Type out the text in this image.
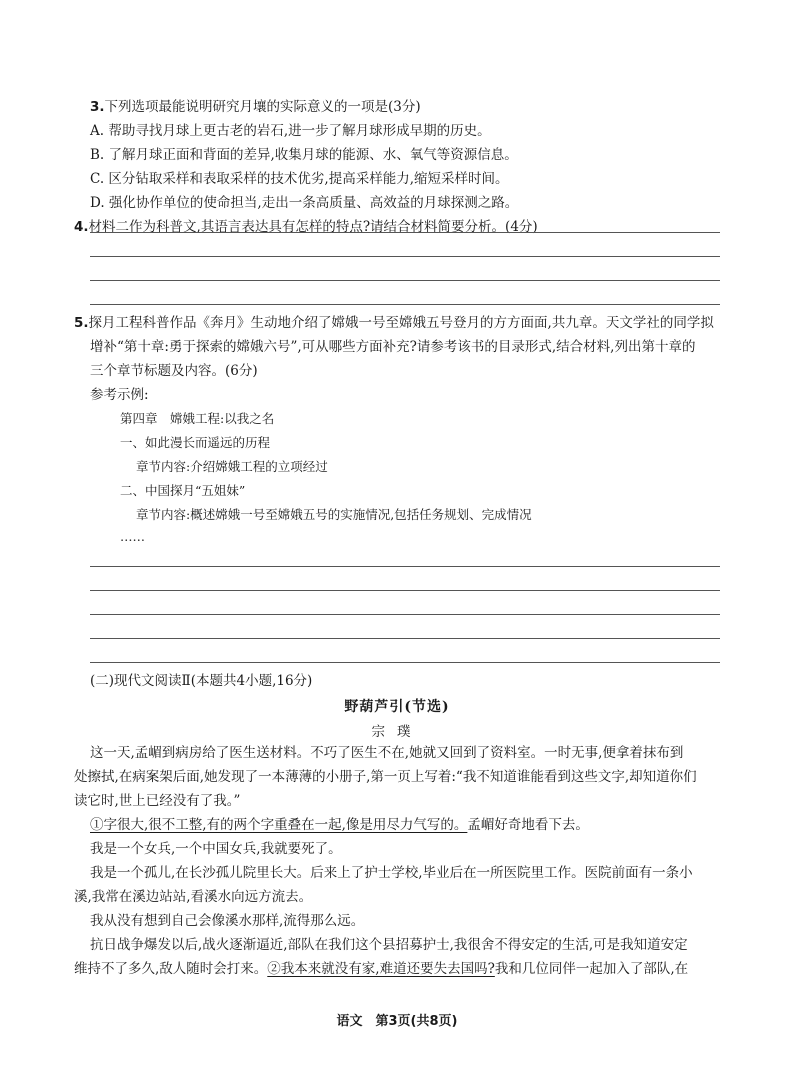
3.下列选项最能说明研究月壤的实际意义的一项是(3分)
A. 帮助寻找月球上更古老的岩石,进一步了解月球形成早期的历史。
B. 了解月球正面和背面的差异,收集月球的能源、水、氧气等资源信息。
C. 区分钻取采样和表取采样的技术优劣,提高采样能力,缩短采样时间。
D. 强化协作单位的使命担当,走出一条高质量、高效益的月球探测之路。
4.材料二作为科普文,其语言表达具有怎样的特点?请结合材料简要分析。(4分)
5.探月工程科普作品《奔月》生动地介绍了嫦娥一号至嫦娥五号登月的方方面面,共九章。天文学社的同学拟
增补“第十章:勇于探索的嫦娥六号”,可从哪些方面补充?请参考该书的目录形式,结合材料,列出第十章的
三个章节标题及内容。(6分)
参考示例:
第四章　嫦娥工程:以我之名
一、如此漫长而遥远的历程
章节内容:介绍嫦娥工程的立项经过
二、中国探月“五姐妹”
章节内容:概述嫦娥一号至嫦娥五号的实施情况,包括任务规划、完成情况
……
(二)现代文阅读Ⅱ(本题共4小题,16分)
野葫芦引(节选)
宗璞
这一天,孟嵋到病房给了医生送材料。不巧了医生不在,她就又回到了资料室。一时无事,便拿着抹布到
处擦拭,在病案架后面,她发现了一本薄薄的小册子,第一页上写着:“我不知道谁能看到这些文字,却知道你们
读它时,世上已经没有了我。”
①字很大,很不工整,有的两个字重叠在一起,像是用尽力气写的。孟嵋好奇地看下去。
我是一个女兵,一个中国女兵,我就要死了。
我是一个孤儿,在长沙孤儿院里长大。后来上了护士学校,毕业后在一所医院里工作。医院前面有一条小
溪,我常在溪边站站,看溪水向远方流去。
我从没有想到自己会像溪水那样,流得那么远。
抗日战争爆发以后,战火逐渐逼近,部队在我们这个县招募护士,我很舍不得安定的生活,可是我知道安定
维持不了多久,敌人随时会打来。②我本来就没有家,难道还要失去国吗?我和几位同伴一起加入了部队,在
语文　第3页(共8页)
